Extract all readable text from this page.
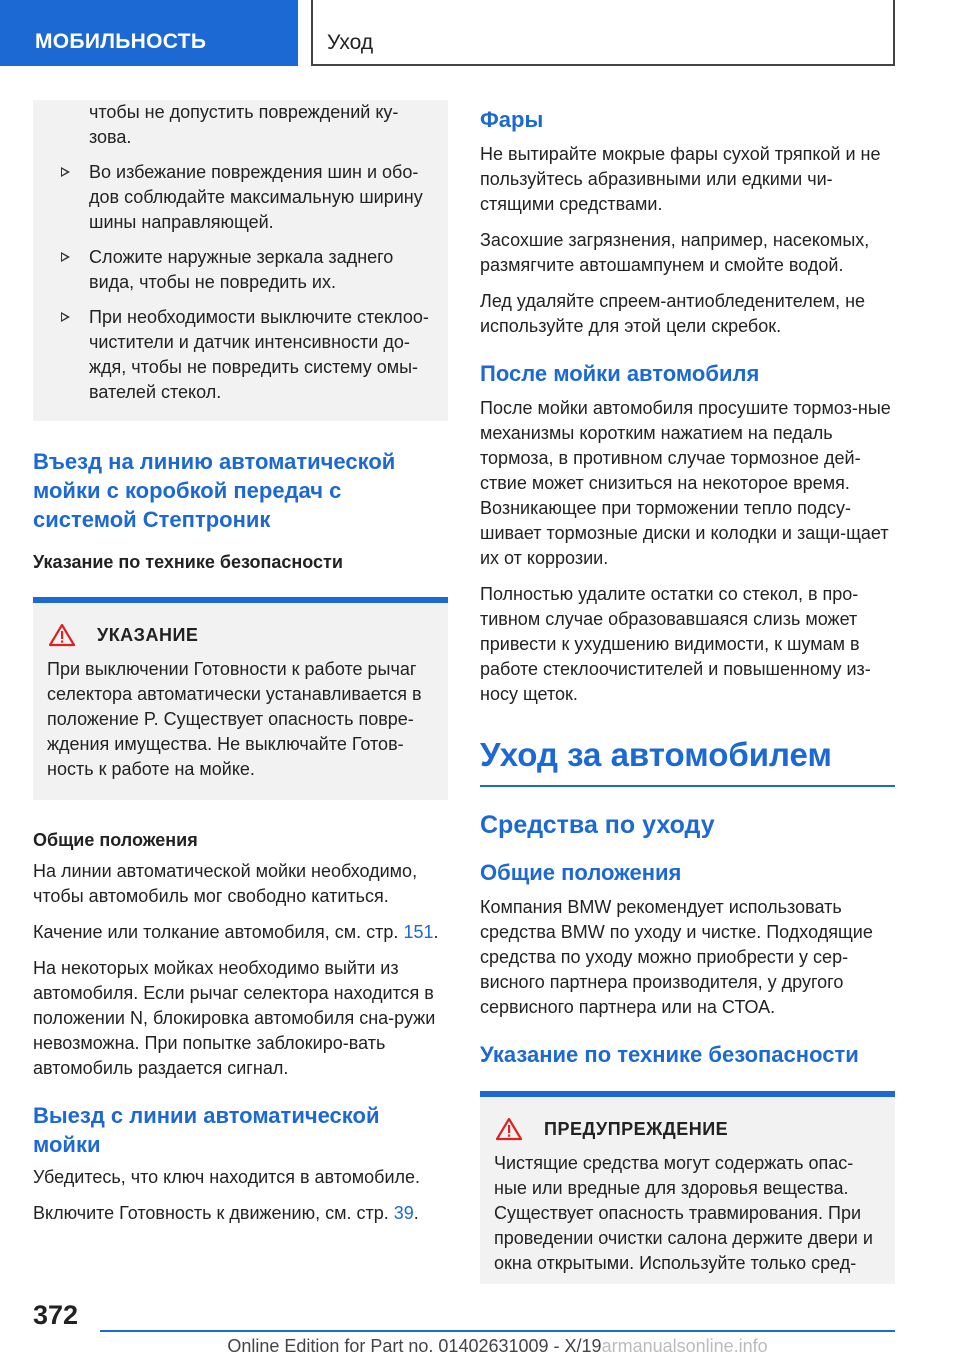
МОБИЛЬНОСТЬ	Уход

чтобы не допустить повреждений ку-зова.

Во избежание повреждения шин и обо-дов соблюдайте максимальную ширину шины направляющей.

Сложите наружные зеркала заднего вида, чтобы не повредить их.

При необходимости выключите стеклоо-чистители и датчик интенсивности до-ждя, чтобы не повредить систему омы-вателей стекол.

Въезд на линию автоматической мойки с коробкой передач с системой Стептроник
Указание по технике безопасности
УКАЗАНИЕ

При выключении Готовности к работе рычаг селектора автоматически устанавливается в положение P. Существует опасность повре-ждения имущества. Не выключайте Готов-ность к работе на мойке.

Общие положения

На линии автоматической мойки необходимо, чтобы автомобиль мог свободно катиться.

Качение или толкание автомобиля, см. стр. 151.

На некоторых мойках необходимо выйти из автомобиля. Если рычаг селектора находится в положении N, блокировка автомобиля сна-ружи невозможна. При попытке заблокиро-вать автомобиль раздается сигнал.

Выезд с линии автоматической мойки

Убедитесь, что ключ находится в автомобиле.

Включите Готовность к движению, см. стр. 39.

Фары

Не вытирайте мокрые фары сухой тряпкой и не пользуйтесь абразивными или едкими чи-стящими средствами.

Засохшие загрязнения, например, насекомых, размягчите автошампунем и смойте водой.

Лед удаляйте спреем-антиобледенителем, не используйте для этой цели скребок.

После мойки автомобиля

После мойки автомобиля просушите тормоз-ные механизмы коротким нажатием на педаль тормоза, в противном случае тормозное дей-ствие может снизиться на некоторое время. Возникающее при торможении тепло подсу-шивает тормозные диски и колодки и защи-щает их от коррозии.

Полностью удалите остатки со стекол, в про-тивном случае образовавшаяся слизь может привести к ухудшению видимости, к шумам в работе стеклоочистителей и повышенному из-носу щеток.

Уход за автомобилем
Средства по уходу
Общие положения

Компания BMW рекомендует использовать средства BMW по уходу и чистке. Подходящие средства по уходу можно приобрести у сер-висного партнера производителя, у другого сервисного партнера или на СТОА.

Указание по технике безопасности
ПРЕДУПРЕЖДЕНИЕ

Чистящие средства могут содержать опас-ные или вредные для здоровья вещества. Существует опасность травмирования. При проведении очистки салона держите двери и окна открытыми. Используйте только сред-

372
Online Edition for Part no. 01402631009 - X/19armanualsonline.info
